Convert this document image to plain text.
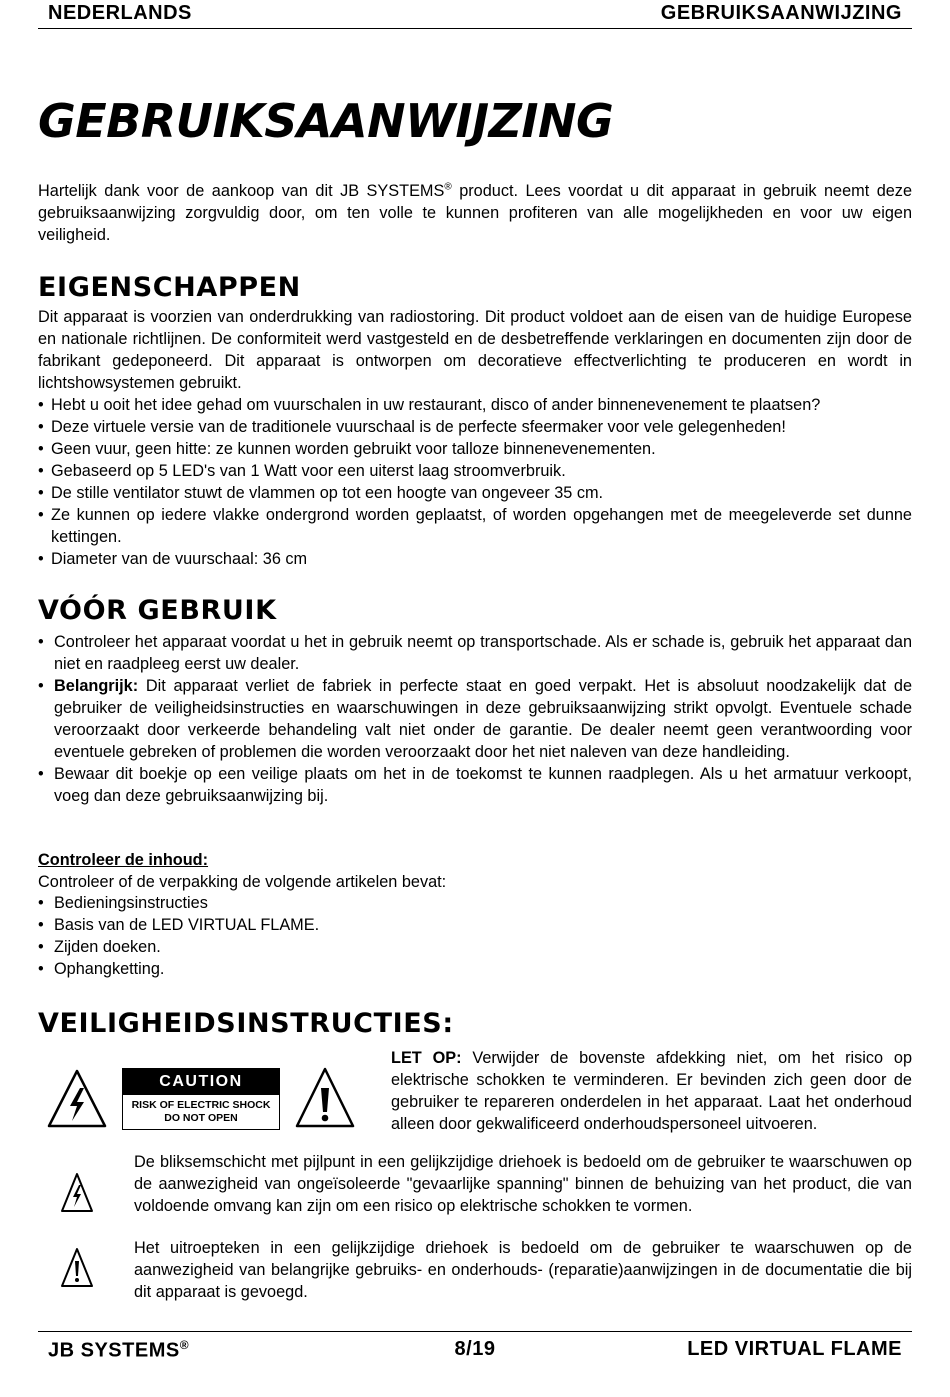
NEDERLANDS	GEBRUIKSAANWIJZING
GEBRUIKSAANWIJZING

Hartelijk dank voor de aankoop van dit JB SYSTEMS® product. Lees voordat u dit apparaat in gebruik neemt deze gebruiksaanwijzing zorgvuldig door, om ten volle te kunnen profiteren van alle mogelijkheden en voor uw eigen veiligheid.

EIGENSCHAPPEN

Dit apparaat is voorzien van onderdrukking van radiostoring. Dit product voldoet aan de eisen van de huidige Europese en nationale richtlijnen. De conformiteit werd vastgesteld en de desbetreffende verklaringen en documenten zijn door de fabrikant gedeponeerd. Dit apparaat is ontworpen om decoratieve effectverlichting te produceren en wordt in lichtshowsystemen gebruikt.

• Hebt u ooit het idee gehad om vuurschalen in uw restaurant, disco of ander binnenevenement te plaatsen?
• Deze virtuele versie van de traditionele vuurschaal is de perfecte sfeermaker voor vele gelegenheden!
• Geen vuur, geen hitte: ze kunnen worden gebruikt voor talloze binnenevenementen.
• Gebaseerd op 5 LED's van 1 Watt voor een uiterst laag stroomverbruik.
• De stille ventilator stuwt de vlammen op tot een hoogte van ongeveer 35 cm.
• Ze kunnen op iedere vlakke ondergrond worden geplaatst, of worden opgehangen met de meegeleverde set dunne kettingen.
• Diameter van de vuurschaal: 36 cm
VÓÓR GEBRUIK
• Controleer het apparaat voordat u het in gebruik neemt op transportschade. Als er schade is, gebruik het apparaat dan niet en raadpleeg eerst uw dealer.
• Belangrijk: Dit apparaat verliet de fabriek in perfecte staat en goed verpakt. Het is absoluut noodzakelijk dat de gebruiker de veiligheidsinstructies en waarschuwingen in deze gebruiksaanwijzing strikt opvolgt. Eventuele schade veroorzaakt door verkeerde behandeling valt niet onder de garantie. De dealer neemt geen verantwoording voor eventuele gebreken of problemen die worden veroorzaakt door het niet naleven van deze handleiding.
• Bewaar dit boekje op een veilige plaats om het in de toekomst te kunnen raadplegen. Als u het armatuur verkoopt, voeg dan deze gebruiksaanwijzing bij.

Controleer de inhoud:

Controleer of de verpakking de volgende artikelen bevat:

• Bedieningsinstructies
• Basis van de LED VIRTUAL FLAME.
• Zijden doeken.
• Ophangketting.
VEILIGHEIDSINSTRUCTIES:
CAUTION
RISK OF ELECTRIC SHOCK
DO NOT OPEN

LET OP: Verwijder de bovenste afdekking niet, om het risico op elektrische schokken te verminderen. Er bevinden zich geen door de gebruiker te repareren onderdelen in het apparaat. Laat het onderhoud alleen door gekwalificeerd onderhoudspersoneel uitvoeren.

De bliksemschicht met pijlpunt in een gelijkzijdige driehoek is bedoeld om de gebruiker te waarschuwen op de aanwezigheid van ongeïsoleerde "gevaarlijke spanning" binnen de behuizing van het product, die van voldoende omvang kan zijn om een risico op elektrische schokken te vormen.

Het uitroepteken in een gelijkzijdige driehoek is bedoeld om de gebruiker te waarschuwen op de aanwezigheid van belangrijke gebruiks- en onderhouds- (reparatie)aanwijzingen in de documentatie die bij dit apparaat is gevoegd.

JB SYSTEMS®	8/19	LED VIRTUAL FLAME
